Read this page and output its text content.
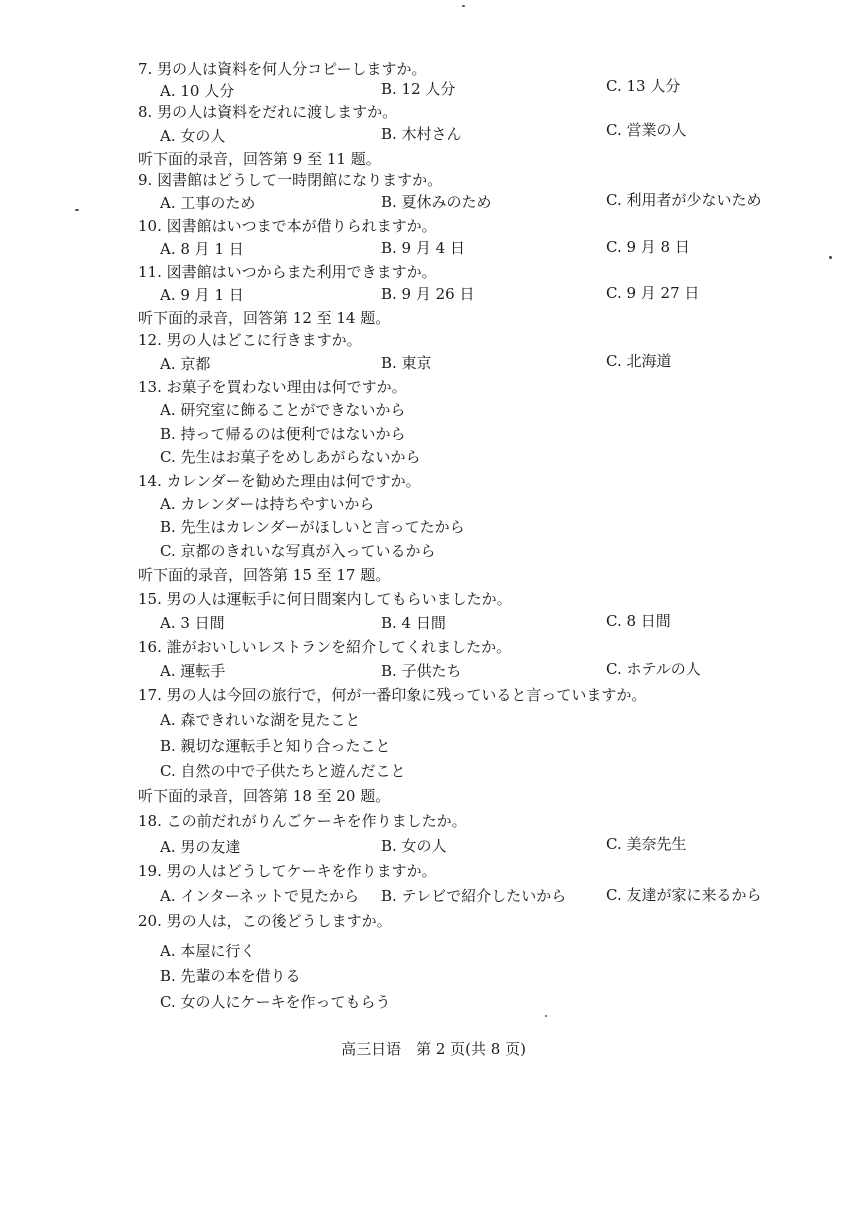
7. 男の人は資料を何人分コピーしますか。
A. 10 人分	B. 12 人分	C. 13 人分
8. 男の人は資料をだれに渡しますか。
A. 女の人	B. 木村さん	C. 営業の人
听下面的录音，回答第 9 至 11 题。
9. 図書館はどうして一時閉館になりますか。
A. 工事のため	B. 夏休みのため	C. 利用者が少ないため
10. 図書館はいつまで本が借りられますか。
A. 8 月 1 日	B. 9 月 4 日	C. 9 月 8 日
11. 図書館はいつからまた利用できますか。
A. 9 月 1 日	B. 9 月 26 日	C. 9 月 27 日
听下面的录音，回答第 12 至 14 题。
12. 男の人はどこに行きますか。
A. 京都	B. 東京	C. 北海道
13. お菓子を買わない理由は何ですか。
A. 研究室に飾ることができないから
B. 持って帰るのは便利ではないから
C. 先生はお菓子をめしあがらないから
14. カレンダーを勧めた理由は何ですか。
A. カレンダーは持ちやすいから
B. 先生はカレンダーがほしいと言ってたから
C. 京都のきれいな写真が入っているから
听下面的录音，回答第 15 至 17 题。
15. 男の人は運転手に何日間案内してもらいましたか。
A. 3 日間	B. 4 日間	C. 8 日間
16. 誰がおいしいレストランを紹介してくれましたか。
A. 運転手	B. 子供たち	C. ホテルの人
17. 男の人は今回の旅行で，何が一番印象に残っていると言っていますか。
A. 森できれいな湖を見たこと
B. 親切な運転手と知り合ったこと
C. 自然の中で子供たちと遊んだこと
听下面的录音，回答第 18 至 20 题。
18. この前だれがりんごケーキを作りましたか。
A. 男の友達	B. 女の人	C. 美奈先生
19. 男の人はどうしてケーキを作りますか。
A. インターネットで見たから B. テレビで紹介したいから	C. 友達が家に来るから
20. 男の人は，この後どうしますか。
A. 本屋に行く
B. 先輩の本を借りる
C. 女の人にケーキを作ってもらう
高三日语　第 2 页(共 8 页)
